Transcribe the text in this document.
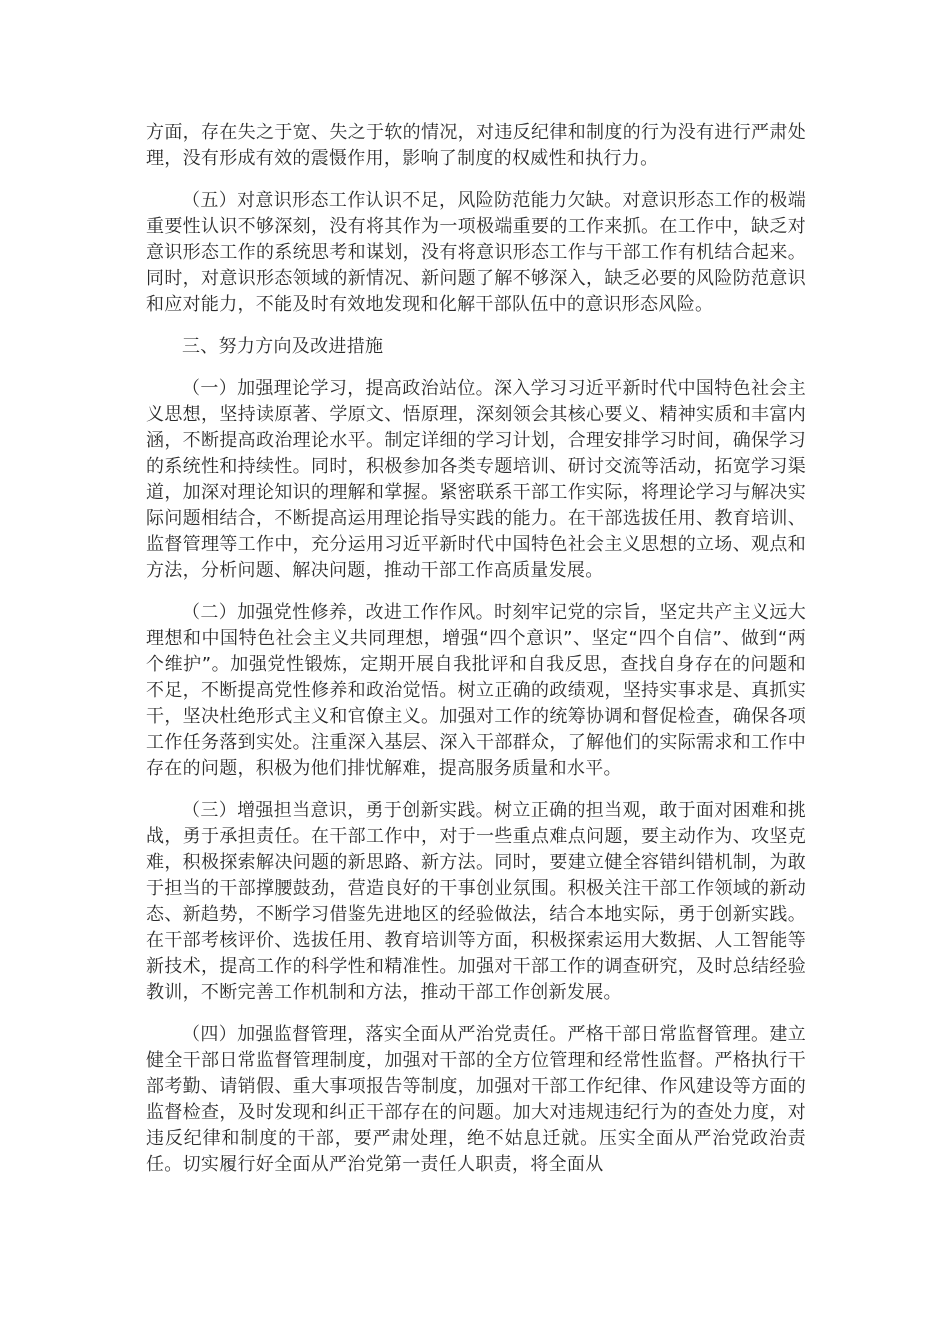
方面，存在失之于宽、失之于软的情况，对违反纪律和制度的行为没有进行严肃处理，没有形成有效的震慑作用，影响了制度的权威性和执行力。

（五）对意识形态工作认识不足，风险防范能力欠缺。对意识形态工作的极端重要性认识不够深刻，没有将其作为一项极端重要的工作来抓。在工作中，缺乏对意识形态工作的系统思考和谋划，没有将意识形态工作与干部工作有机结合起来。同时，对意识形态领域的新情况、新问题了解不够深入，缺乏必要的风险防范意识和应对能力，不能及时有效地发现和化解干部队伍中的意识形态风险。

三、努力方向及改进措施

（一）加强理论学习，提高政治站位。深入学习习近平新时代中国特色社会主义思想，坚持读原著、学原文、悟原理，深刻领会其核心要义、精神实质和丰富内涵，不断提高政治理论水平。制定详细的学习计划，合理安排学习时间，确保学习的系统性和持续性。同时，积极参加各类专题培训、研讨交流等活动，拓宽学习渠道，加深对理论知识的理解和掌握。紧密联系干部工作实际，将理论学习与解决实际问题相结合，不断提高运用理论指导实践的能力。在干部选拔任用、教育培训、监督管理等工作中，充分运用习近平新时代中国特色社会主义思想的立场、观点和方法，分析问题、解决问题，推动干部工作高质量发展。

（二）加强党性修养，改进工作作风。时刻牢记党的宗旨，坚定共产主义远大理想和中国特色社会主义共同理想，增强“四个意识”、坚定“四个自信”、做到“两个维护”。加强党性锻炼，定期开展自我批评和自我反思，查找自身存在的问题和不足，不断提高党性修养和政治觉悟。树立正确的政绩观，坚持实事求是、真抓实干，坚决杜绝形式主义和官僚主义。加强对工作的统筹协调和督促检查，确保各项工作任务落到实处。注重深入基层、深入干部群众，了解他们的实际需求和工作中存在的问题，积极为他们排忧解难，提高服务质量和水平。

（三）增强担当意识，勇于创新实践。树立正确的担当观，敢于面对困难和挑战，勇于承担责任。在干部工作中，对于一些重点难点问题，要主动作为、攻坚克难，积极探索解决问题的新思路、新方法。同时，要建立健全容错纠错机制，为敢于担当的干部撑腰鼓劲，营造良好的干事创业氛围。积极关注干部工作领域的新动态、新趋势，不断学习借鉴先进地区的经验做法，结合本地实际，勇于创新实践。在干部考核评价、选拔任用、教育培训等方面，积极探索运用大数据、人工智能等新技术，提高工作的科学性和精准性。加强对干部工作的调查研究，及时总结经验教训，不断完善工作机制和方法，推动干部工作创新发展。

（四）加强监督管理，落实全面从严治党责任。严格干部日常监督管理。建立健全干部日常监督管理制度，加强对干部的全方位管理和经常性监督。严格执行干部考勤、请销假、重大事项报告等制度，加强对干部工作纪律、作风建设等方面的监督检查，及时发现和纠正干部存在的问题。加大对违规违纪行为的查处力度，对违反纪律和制度的干部，要严肃处理，绝不姑息迁就。压实全面从严治党政治责任。切实履行好全面从严治党第一责任人职责，将全面从
